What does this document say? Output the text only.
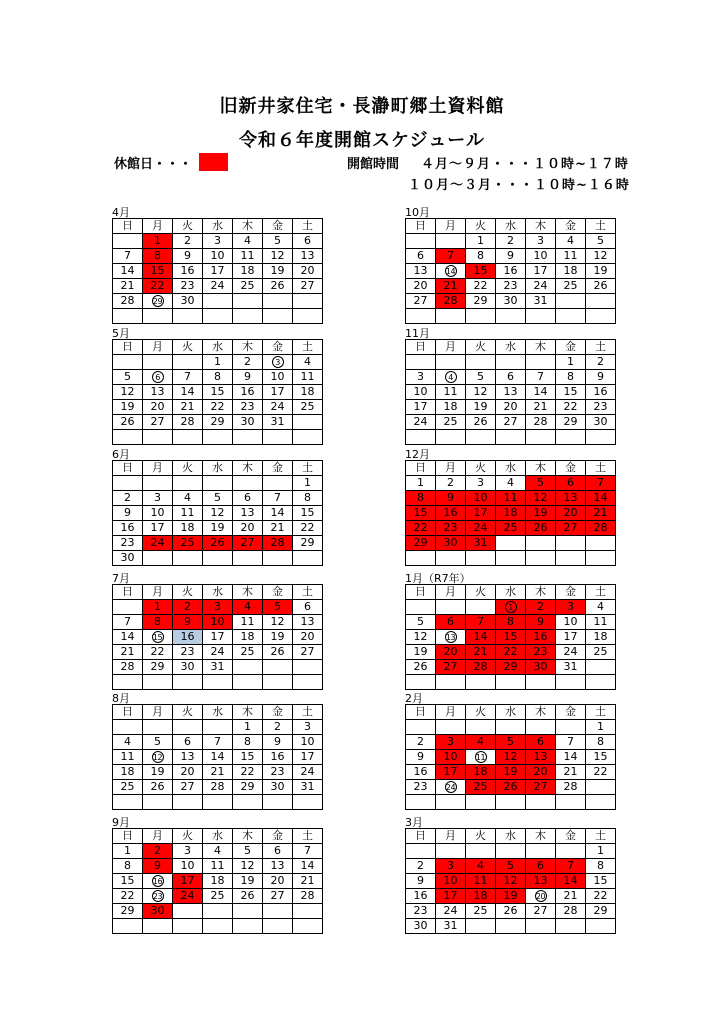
旧新井家住宅・長瀞町郷土資料館
令和６年度開館スケジュール
休館日・・・	開館時間 ４月～９月・・・１０時~１７時
１０月～３月・・・１０時~１６時
4月
日	月	火	水	木	金	土
	1	2	3	4	5	6
7	8	9	10	11	12	13
14	15	16	17	18	19	20
21	22	23	24	25	26	27
28	29	30				

10月
日	月	火	水	木	金	土
		1	2	3	4	5
6	7	8	9	10	11	12
13	14	15	16	17	18	19
20	21	22	23	24	25	26
27	28	29	30	31		

5月
日	月	火	水	木	金	土
			1	2	3	4
5	6	7	8	9	10	11
12	13	14	15	16	17	18
19	20	21	22	23	24	25
26	27	28	29	30	31	

11月
日	月	火	水	木	金	土
					1	2
3	4	5	6	7	8	9
10	11	12	13	14	15	16
17	18	19	20	21	22	23
24	25	26	27	28	29	30

6月
日	月	火	水	木	金	土
						1
2	3	4	5	6	7	8
9	10	11	12	13	14	15
16	17	18	19	20	21	22
23	24	25	26	27	28	29
30						
12月
日	月	火	水	木	金	土
1	2	3	4	5	6	7
8	9	10	11	12	13	14
15	16	17	18	19	20	21
22	23	24	25	26	27	28
29	30	31				

7月
日	月	火	水	木	金	土
	1	2	3	4	5	6
7	8	9	10	11	12	13
14	15	16	17	18	19	20
21	22	23	24	25	26	27
28	29	30	31			

1月（R7年）
日	月	火	水	木	金	土
			1	2	3	4
5	6	7	8	9	10	11
12	13	14	15	16	17	18
19	20	21	22	23	24	25
26	27	28	29	30	31	

8月
日	月	火	水	木	金	土
				1	2	3
4	5	6	7	8	9	10
11	12	13	14	15	16	17
18	19	20	21	22	23	24
25	26	27	28	29	30	31

2月
日	月	火	水	木	金	土
						1
2	3	4	5	6	7	8
9	10	11	12	13	14	15
16	17	18	19	20	21	22
23	24	25	26	27	28	

9月
日	月	火	水	木	金	土
1	2	3	4	5	6	7
8	9	10	11	12	13	14
15	16	17	18	19	20	21
22	23	24	25	26	27	28
29	30					

3月
日	月	火	水	木	金	土
						1
2	3	4	5	6	7	8
9	10	11	12	13	14	15
16	17	18	19	20	21	22
23	24	25	26	27	28	29
30	31					
